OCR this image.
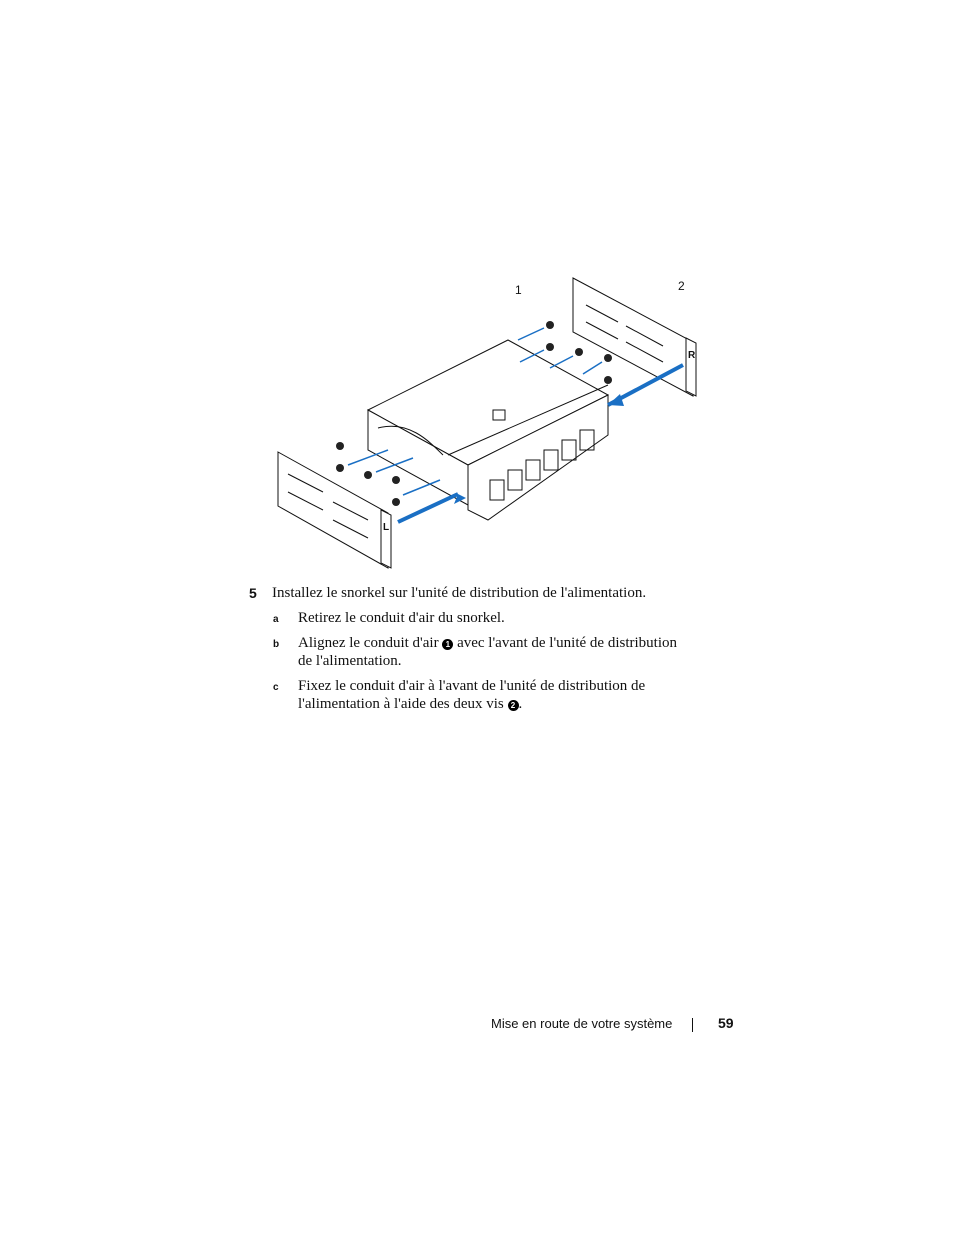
R
L
1	2
5 Installez le snorkel sur l'unité de distribution de l'alimentation.
a Retirez le conduit d'air du snorkel.
b Alignez le conduit d'air 1 avec l'avant de l'unité de distribution
de l'alimentation.
c Fixez le conduit d'air à l'avant de l'unité de distribution de
l'alimentation à l'aide des deux vis 2 .
Mise en route de votre système	59
